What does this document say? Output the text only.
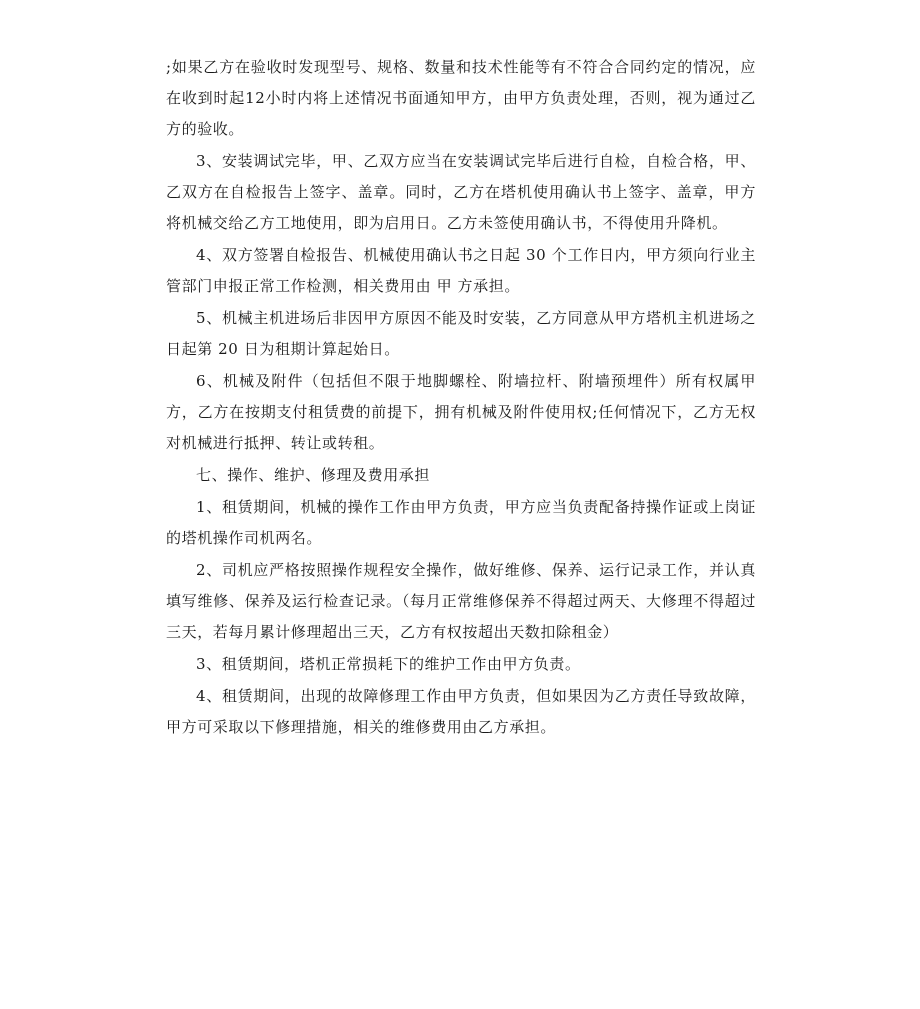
;如果乙方在验收时发现型号、规格、数量和技术性能等有不符合合同约定的情况，应在收到时起12小时内将上述情况书面通知甲方，由甲方负责处理，否则，视为通过乙方的验收。

3、安装调试完毕，甲、乙双方应当在安装调试完毕后进行自检，自检合格，甲、乙双方在自检报告上签字、盖章。同时，乙方在塔机使用确认书上签字、盖章，甲方将机械交给乙方工地使用，即为启用日。乙方未签使用确认书，不得使用升降机。

4、双方签署自检报告、机械使用确认书之日起 30 个工作日内，甲方须向行业主管部门申报正常工作检测，相关费用由 甲 方承担。

5、机械主机进场后非因甲方原因不能及时安装，乙方同意从甲方塔机主机进场之日起第 20 日为租期计算起始日。

6、机械及附件（包括但不限于地脚螺栓、附墙拉杆、附墙预埋件）所有权属甲方，乙方在按期支付租赁费的前提下，拥有机械及附件使用权;任何情况下，乙方无权对机械进行抵押、转让或转租。

七、操作、维护、修理及费用承担

1、租赁期间，机械的操作工作由甲方负责，甲方应当负责配备持操作证或上岗证的塔机操作司机两名。

2、司机应严格按照操作规程安全操作，做好维修、保养、运行记录工作，并认真填写维修、保养及运行检查记录。（每月正常维修保养不得超过两天、大修理不得超过三天，若每月累计修理超出三天，乙方有权按超出天数扣除租金）

3、租赁期间，塔机正常损耗下的维护工作由甲方负责。

4、租赁期间，出现的故障修理工作由甲方负责，但如果因为乙方责任导致故障，甲方可采取以下修理措施，相关的维修费用由乙方承担。
